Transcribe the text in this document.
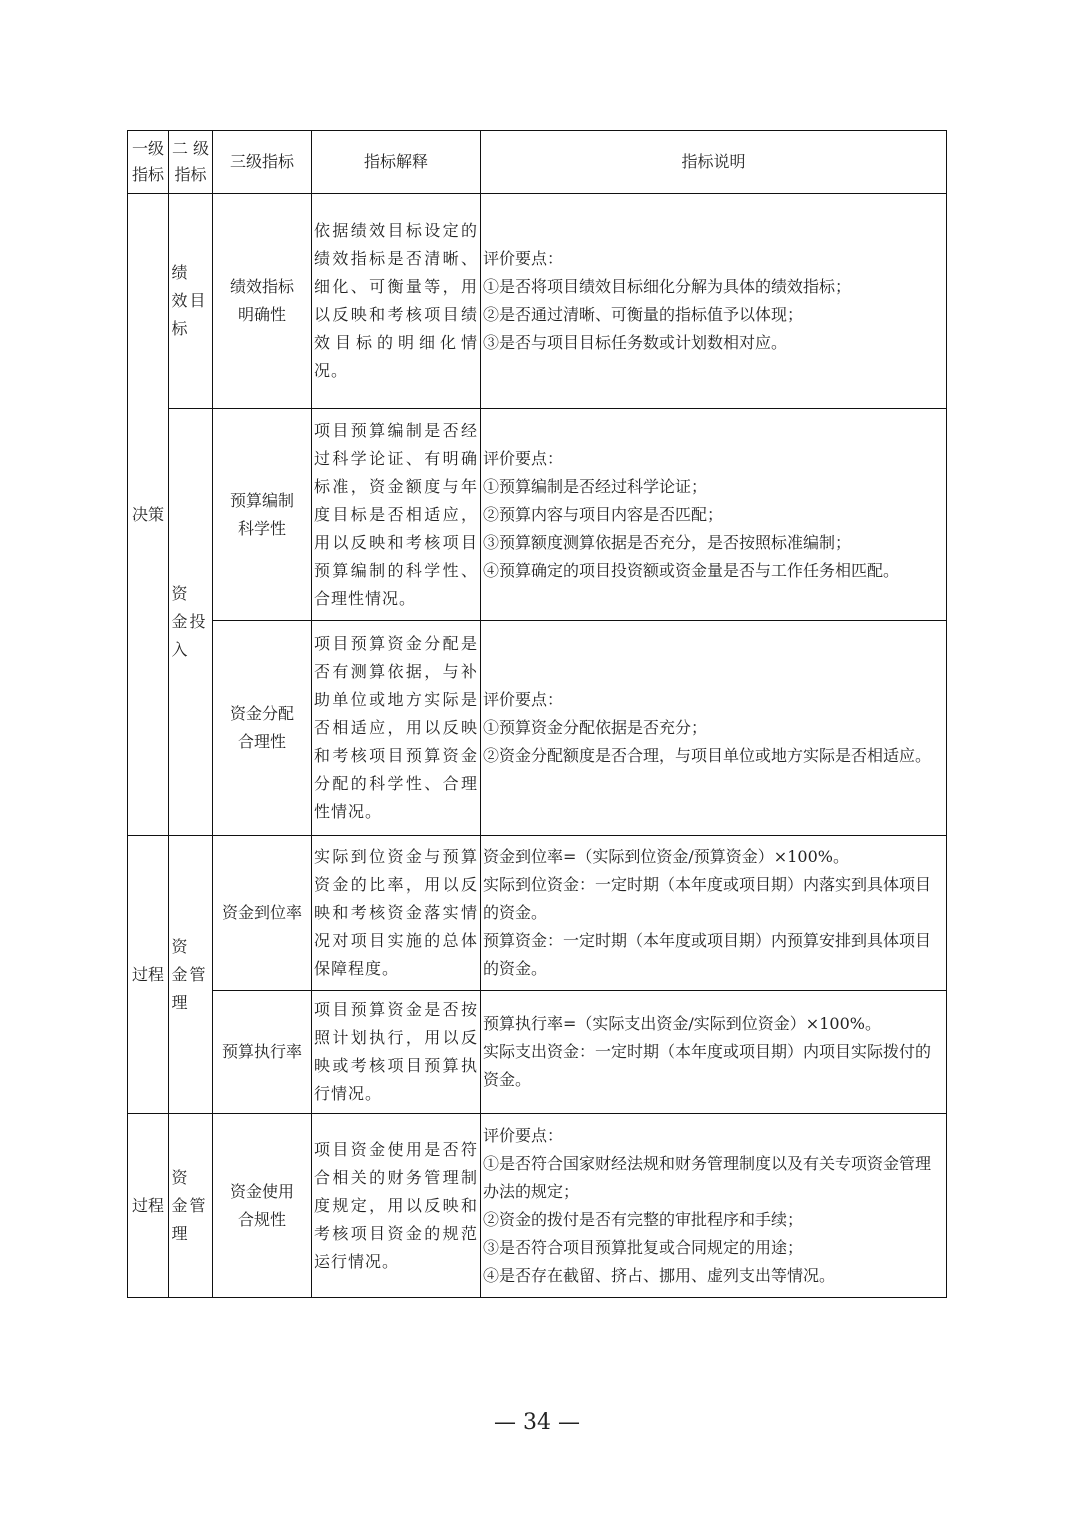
一级指标
二 级指标
三级指标	指标解释	指标说明
决策
过程
过程
绩 效目标
资 金投入
资 金管理
资 金管理
绩效指标明确性
依据绩效目标设定的绩效指标是否清晰、细化、可衡量等，用以反映和考核项目绩效目标的明细化情况。
评价要点：
①是否将项目绩效目标细化分解为具体的绩效指标；
②是否通过清晰、可衡量的指标值予以体现；
③是否与项目目标任务数或计划数相对应。
预算编制科学性
项目预算编制是否经过科学论证、有明确标准，资金额度与年度目标是否相适应，用以反映和考核项目预算编制的科学性、合理性情况。
评价要点：
①预算编制是否经过科学论证；
②预算内容与项目内容是否匹配；
③预算额度测算依据是否充分，是否按照标准编制；
④预算确定的项目投资额或资金量是否与工作任务相匹配。
资金分配合理性
项目预算资金分配是否有测算依据，与补助单位或地方实际是否相适应，用以反映和考核项目预算资金分配的科学性、合理性情况。
评价要点：
①预算资金分配依据是否充分；
②资金分配额度是否合理，与项目单位或地方实际是否相适应。
资金到位率
实际到位资金与预算资金的比率，用以反映和考核资金落实情况对项目实施的总体保障程度。
资金到位率=（实际到位资金/预算资金）×100%。
实际到位资金：一定时期（本年度或项目期）内落实到具体项目的资金。
预算资金：一定时期（本年度或项目期）内预算安排到具体项目的资金。
预算执行率
项目预算资金是否按照计划执行，用以反映或考核项目预算执行情况。
预算执行率=（实际支出资金/实际到位资金）×100%。
实际支出资金：一定时期（本年度或项目期）内项目实际拨付的资金。
资金使用合规性
项目资金使用是否符合相关的财务管理制度规定，用以反映和考核项目资金的规范运行情况。
评价要点：
①是否符合国家财经法规和财务管理制度以及有关专项资金管理办法的规定；
②资金的拨付是否有完整的审批程序和手续；
③是否符合项目预算批复或合同规定的用途；
④是否存在截留、挤占、挪用、虚列支出等情况。
— 34 —
